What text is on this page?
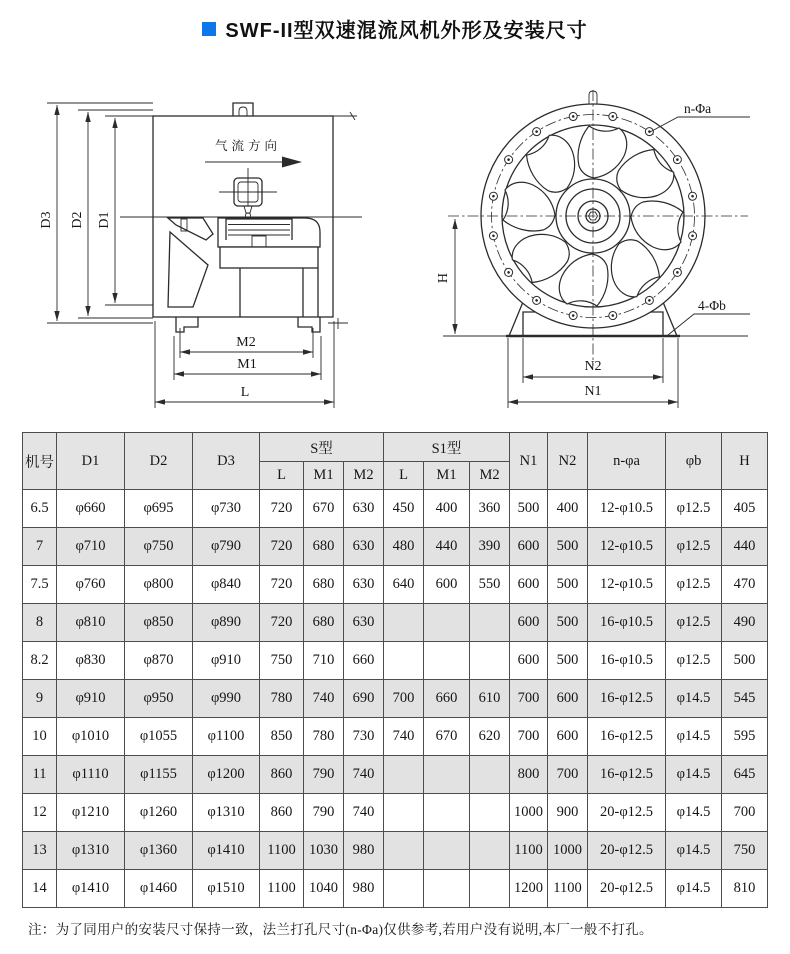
SWF-II型双速混流风机外形及安装尺寸
D3 D2 D1
气流方向
M2
M1
L
H
N2
N1
n-Φa
4-Φb
机号	D1	D2	D3	S型			S1型			N1	N2	n-φa	φb	H
				L	M1	M2	L	M1	M2					
6.5	φ660	φ695	φ730	720	670	630	450	400	360	500	400	12-φ10.5	φ12.5	405
7	φ710	φ750	φ790	720	680	630	480	440	390	600	500	12-φ10.5	φ12.5	440
7.5	φ760	φ800	φ840	720	680	630	640	600	550	600	500	12-φ10.5	φ12.5	470
8	φ810	φ850	φ890	720	680	630				600	500	16-φ10.5	φ12.5	490
8.2	φ830	φ870	φ910	750	710	660				600	500	16-φ10.5	φ12.5	500
9	φ910	φ950	φ990	780	740	690	700	660	610	700	600	16-φ12.5	φ14.5	545
10	φ1010	φ1055	φ1100	850	780	730	740	670	620	700	600	16-φ12.5	φ14.5	595
11	φ1110	φ1155	φ1200	860	790	740				800	700	16-φ12.5	φ14.5	645
12	φ1210	φ1260	φ1310	860	790	740				1000	900	20-φ12.5	φ14.5	700
13	φ1310	φ1360	φ1410	1100	1030	980				1100	1000	20-φ12.5	φ14.5	750
14	φ1410	φ1460	φ1510	1100	1040	980				1200	1100	20-φ12.5	φ14.5	810
注：为了同用户的安装尺寸保持一致，法兰打孔尺寸(n-Φa)仅供参考,若用户没有说明,本厂一般不打孔。
